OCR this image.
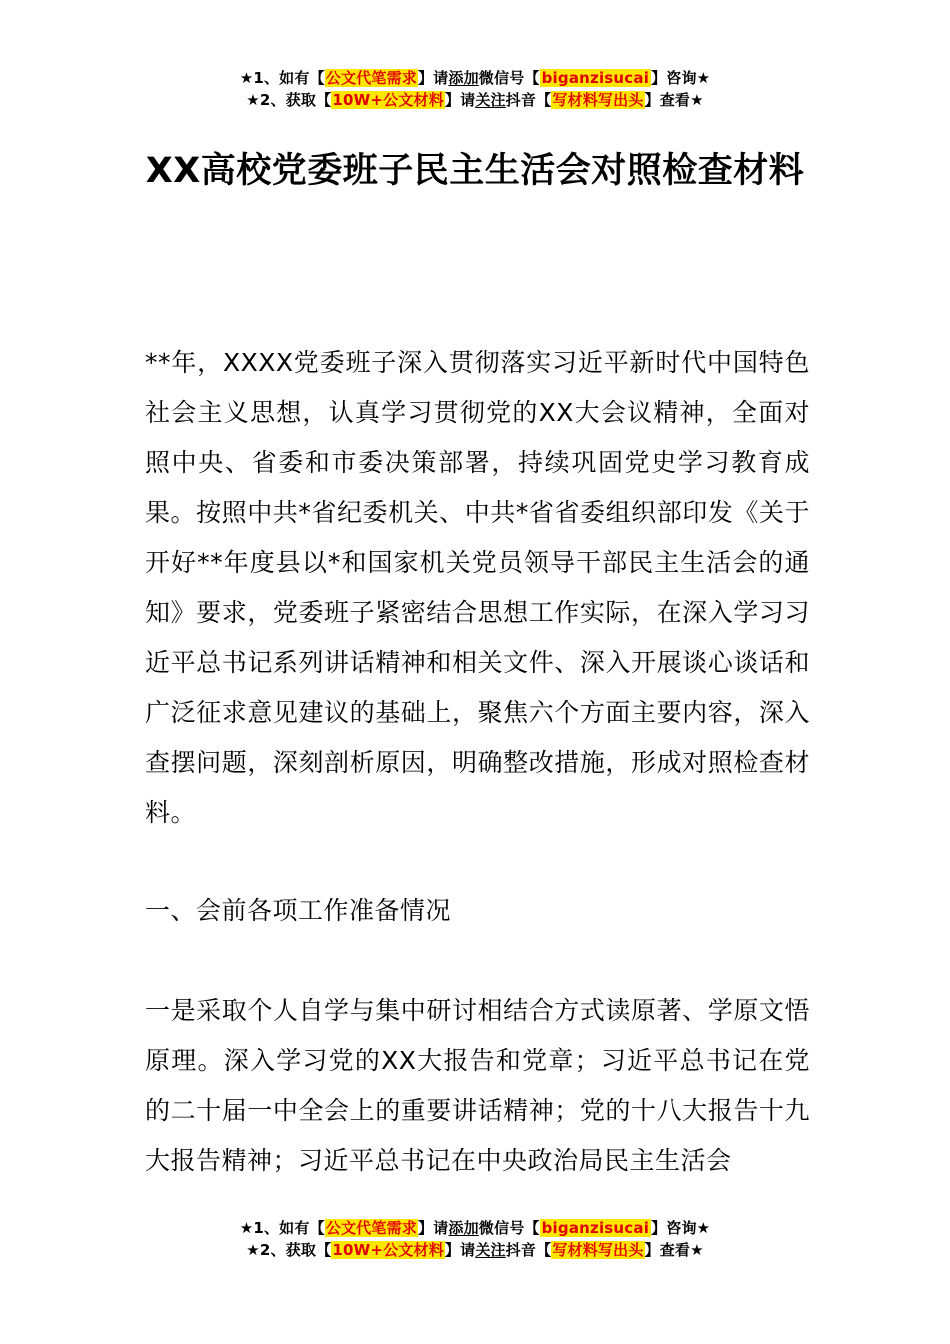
★1、如有【公文代笔需求】请添加微信号【 biganzisucai 】咨询★
★2、获取【10W+公文材料】请关注抖音【写材料写出头】查看★
XX高校党委班子民主生活会对照检查材料

**年，XXXX党委班子深入贯彻落实习近平新时代中国特色社会主义思想，认真学习贯彻党的XX大会议精神，全面对照中央、省委和市委决策部署，持续巩固党史学习教育成果。按照中共*省纪委机关、中共*省省委组织部印发《关于开好**年度县以*和国家机关党员领导干部民主生活会的通知》要求，党委班子紧密结合思想工作实际，在深入学习习近平总书记系列讲话精神和相关文件、深入开展谈心谈话和广泛征求意见建议的基础上，聚焦六个方面主要内容，深入查摆问题，深刻剖析原因，明确整改措施，形成对照检查材料。

一、会前各项工作准备情况

一是采取个人自学与集中研讨相结合方式读原著、学原文悟原理。深入学习党的XX大报告和党章；习近平总书记在党的二十届一中全会上的重要讲话精神；党的十八大报告十九大报告精神；习近平总书记在中央政治局民主生活会

★1、如有【公文代笔需求】请添加微信号【 biganzisucai 】咨询★
★2、获取【10W+公文材料】请关注抖音【写材料写出头】查看★
